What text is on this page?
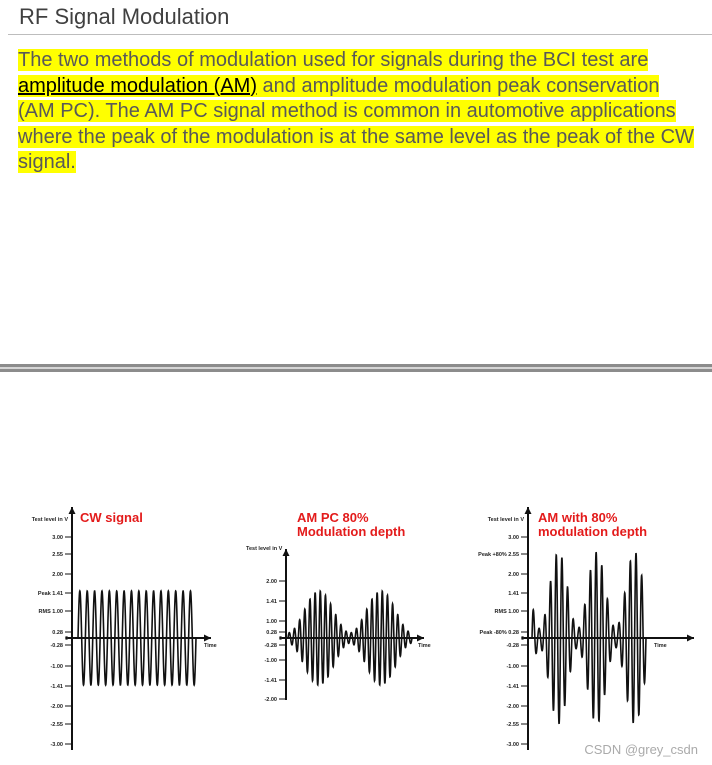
RF Signal Modulation
The two methods of modulation used for signals during the BCI test are amplitude modulation (AM) and amplitude modulation peak conservation (AM PC). The AM PC signal method is common in automotive applications where the peak of the modulation is at the same level as the peak of the CW signal.
Test level in V
3.00
2.55
2.00
Peak 1.41
RMS 1.00
0.28
0
-0.28
-1.00
-1.41
-2.00
-2.55
-3.00
Time
CW signal
Test level in V
2.00
1.41
1.00
0.28
0
-0.28
-1.00
-1.41
-2.00
Time
AM PC 80%
Modulation depth
Test level in V
3.00
Peak +80% 2.55
2.00
1.41
RMS 1.00
Peak -80% 0.28
0
-0.28
-1.00
-1.41
-2.00
-2.55
-3.00
Time
AM with 80%
modulation depth
CSDN @grey_csdn
